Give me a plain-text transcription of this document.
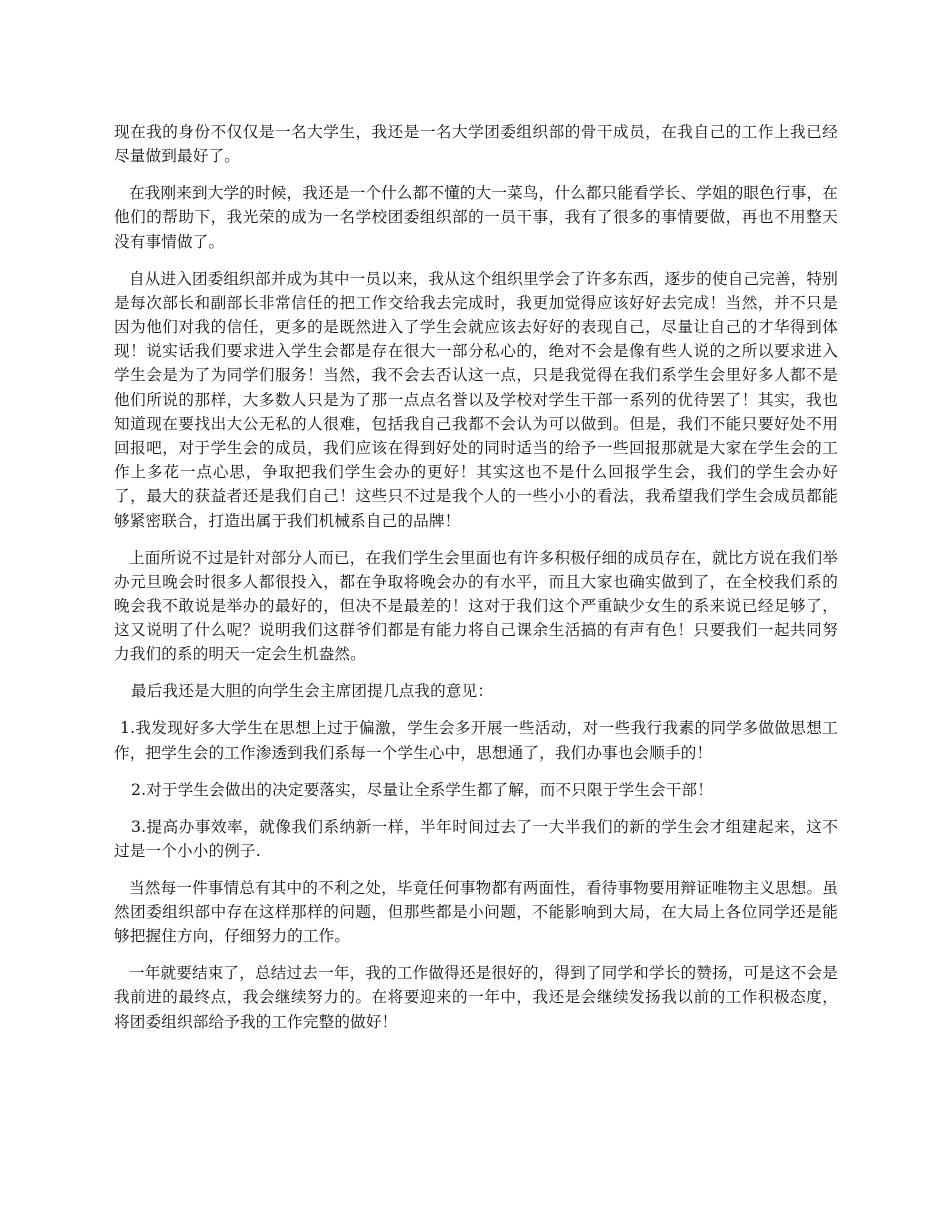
现在我的身份不仅仅是一名大学生，我还是一名大学团委组织部的骨干成员，在我自己的工作上我已经尽量做到最好了。

在我刚来到大学的时候，我还是一个什么都不懂的大一菜鸟，什么都只能看学长、学姐的眼色行事，在他们的帮助下，我光荣的成为一名学校团委组织部的一员干事，我有了很多的事情要做，再也不用整天没有事情做了。

自从进入团委组织部并成为其中一员以来，我从这个组织里学会了许多东西，逐步的使自己完善，特别是每次部长和副部长非常信任的把工作交给我去完成时，我更加觉得应该好好去完成！当然，并不只是因为他们对我的信任，更多的是既然进入了学生会就应该去好好的表现自己，尽量让自己的才华得到体现！说实话我们要求进入学生会都是存在很大一部分私心的，绝对不会是像有些人说的之所以要求进入学生会是为了为同学们服务！当然，我不会去否认这一点，只是我觉得在我们系学生会里好多人都不是他们所说的那样，大多数人只是为了那一点点名誉以及学校对学生干部一系列的优待罢了！其实，我也知道现在要找出大公无私的人很难，包括我自己我都不会认为可以做到。但是，我们不能只要好处不用回报吧，对于学生会的成员，我们应该在得到好处的同时适当的给予一些回报那就是大家在学生会的工作上多花一点心思，争取把我们学生会办的更好！其实这也不是什么回报学生会，我们的学生会办好了，最大的获益者还是我们自己！这些只不过是我个人的一些小小的看法，我希望我们学生会成员都能够紧密联合，打造出属于我们机械系自己的品牌！

上面所说不过是针对部分人而已，在我们学生会里面也有许多积极仔细的成员存在，就比方说在我们举办元旦晚会时很多人都很投入，都在争取将晚会办的有水平，而且大家也确实做到了，在全校我们系的晚会我不敢说是举办的最好的，但决不是最差的！这对于我们这个严重缺少女生的系来说已经足够了，这又说明了什么呢？说明我们这群爷们都是有能力将自己课余生活搞的有声有色！只要我们一起共同努力我们的系的明天一定会生机盎然。

最后我还是大胆的向学生会主席团提几点我的意见：

1.我发现好多大学生在思想上过于偏激，学生会多开展一些活动，对一些我行我素的同学多做做思想工作，把学生会的工作渗透到我们系每一个学生心中，思想通了，我们办事也会顺手的！

2.对于学生会做出的决定要落实，尽量让全系学生都了解，而不只限于学生会干部！

3.提高办事效率，就像我们系纳新一样，半年时间过去了一大半我们的新的学生会才组建起来，这不过是一个小小的例子.

当然每一件事情总有其中的不利之处，毕竟任何事物都有两面性，看待事物要用辩证唯物主义思想。虽然团委组织部中存在这样那样的问题，但那些都是小问题，不能影响到大局，在大局上各位同学还是能够把握住方向，仔细努力的工作。

一年就要结束了，总结过去一年，我的工作做得还是很好的，得到了同学和学长的赞扬，可是这不会是我前进的最终点，我会继续努力的。在将要迎来的一年中，我还是会继续发扬我以前的工作积极态度，将团委组织部给予我的工作完整的做好！
